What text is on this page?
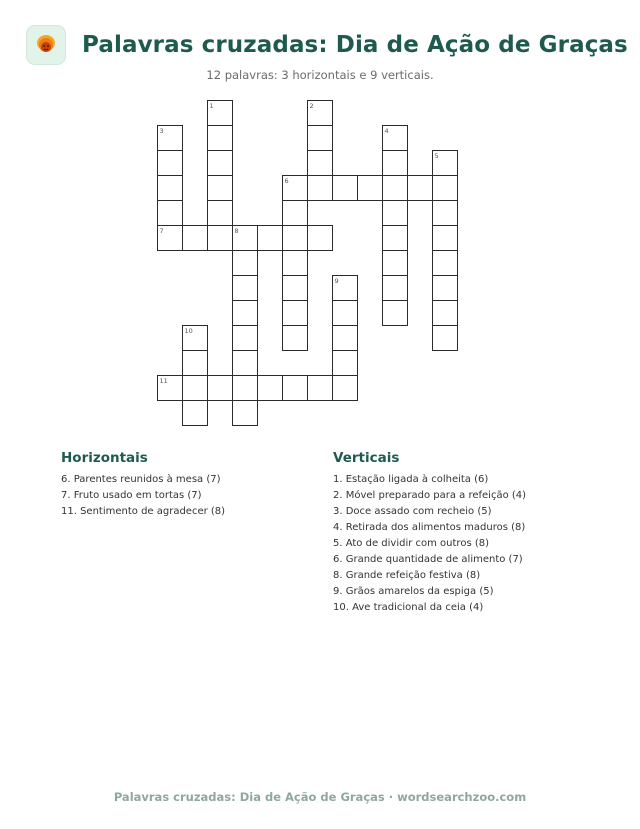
Palavras cruzadas: Dia de Ação de Graças
12 palavras: 3 horizontais e 9 verticais.
1	2
3	4
5
6
7	8
9
10
11
Horizontais
6. Parentes reunidos à mesa (7)
7. Fruto usado em tortas (7)
11. Sentimento de agradecer (8)
Verticais
1. Estação ligada à colheita (6)
2. Móvel preparado para a refeição (4)
3. Doce assado com recheio (5)
4. Retirada dos alimentos maduros (8)
5. Ato de dividir com outros (8)
6. Grande quantidade de alimento (7)
8. Grande refeição festiva (8)
9. Grãos amarelos da espiga (5)
10. Ave tradicional da ceia (4)
Palavras cruzadas: Dia de Ação de Graças · wordsearchzoo.com
